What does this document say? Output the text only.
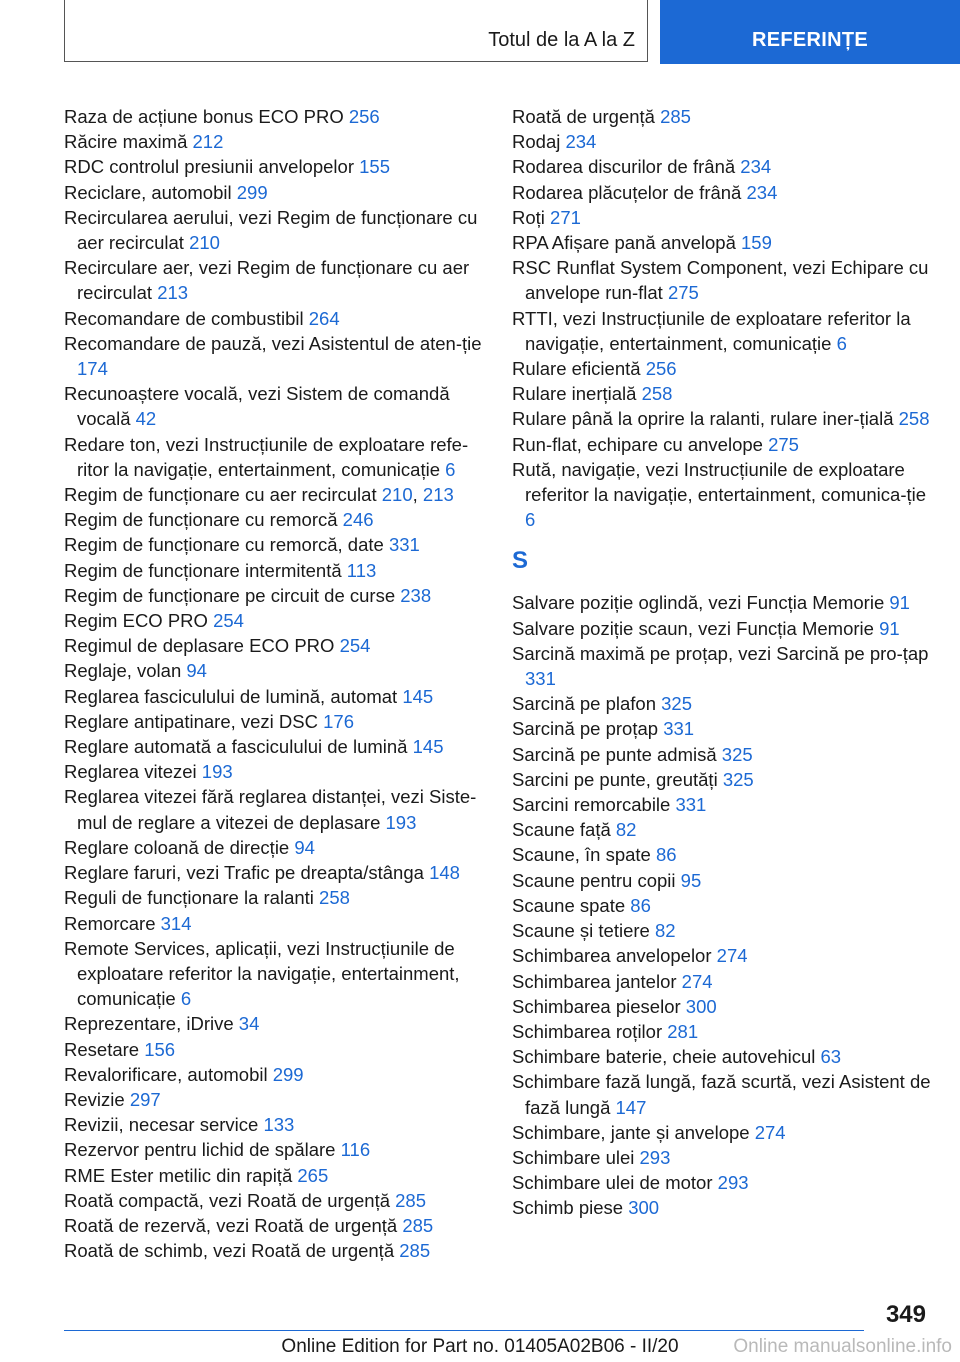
Totul de la A la Z	REFERINȚE
Raza de acțiune bonus ECO PRO 256
Răcire maximă 212
RDC controlul presiunii anvelopelor 155
Reciclare, automobil 299
Recircularea aerului, vezi Regim de funcționare cu aer recirculat 210
Recirculare aer, vezi Regim de funcționare cu aer recirculat 213
Recomandare de combustibil 264
Recomandare de pauză, vezi Asistentul de aten‐ție 174
Recunoaștere vocală, vezi Sistem de comandă vocală 42
Redare ton, vezi Instrucțiunile de exploatare refe‐ritor la navigație, entertainment, comunicație 6
Regim de funcționare cu aer recirculat 210, 213
Regim de funcționare cu remorcă 246
Regim de funcționare cu remorcă, date 331
Regim de funcționare intermitentă 113
Regim de funcționare pe circuit de curse 238
Regim ECO PRO 254
Regimul de deplasare ECO PRO 254
Reglaje, volan 94
Reglarea fasciculului de lumină, automat 145
Reglare antipatinare, vezi DSC 176
Reglare automată a fasciculului de lumină 145
Reglarea vitezei 193
Reglarea vitezei fără reglarea distanței, vezi Siste‐mul de reglare a vitezei de deplasare 193
Reglare coloană de direcție 94
Reglare faruri, vezi Trafic pe dreapta/stânga 148
Reguli de funcționare la ralanti 258
Remorcare 314
Remote Services, aplicații, vezi Instrucțiunile de exploatare referitor la navigație, entertainment, comunicație 6
Reprezentare, iDrive 34
Resetare 156
Revalorificare, automobil 299
Revizie 297
Revizii, necesar service 133
Rezervor pentru lichid de spălare 116
RME Ester metilic din rapiță 265
Roată compactă, vezi Roată de urgență 285
Roată de rezervă, vezi Roată de urgență 285
Roată de schimb, vezi Roată de urgență 285
Roată de urgență 285
Rodaj 234
Rodarea discurilor de frână 234
Rodarea plăcuțelor de frână 234
Roți 271
RPA Afișare pană anvelopă 159
RSC Runflat System Component, vezi Echipare cu anvelope run-flat 275
RTTI, vezi Instrucțiunile de exploatare referitor la navigație, entertainment, comunicație 6
Rulare eficientă 256
Rulare inerțială 258
Rulare până la oprire la ralanti, rulare iner‐țială 258
Run-flat, echipare cu anvelope 275
Rută, navigație, vezi Instrucțiunile de exploatare referitor la navigație, entertainment, comunica‐ție 6
S
Salvare poziție oglindă, vezi Funcția Memorie 91
Salvare poziție scaun, vezi Funcția Memorie 91
Sarcină maximă pe proțap, vezi Sarcină pe pro‐țap 331
Sarcină pe plafon 325
Sarcină pe proțap 331
Sarcină pe punte admisă 325
Sarcini pe punte, greutăți 325
Sarcini remorcabile 331
Scaune față 82
Scaune, în spate 86
Scaune pentru copii 95
Scaune spate 86
Scaune și tetiere 82
Schimbarea anvelopelor 274
Schimbarea jantelor 274
Schimbarea pieselor 300
Schimbarea roților 281
Schimbare baterie, cheie autovehicul 63
Schimbare fază lungă, fază scurtă, vezi Asistent de fază lungă 147
Schimbare, jante și anvelope 274
Schimbare ulei 293
Schimbare ulei de motor 293
Schimb piese 300
349
Online Edition for Part no. 01405A02B06 - II/20	Online manualsonline.info
